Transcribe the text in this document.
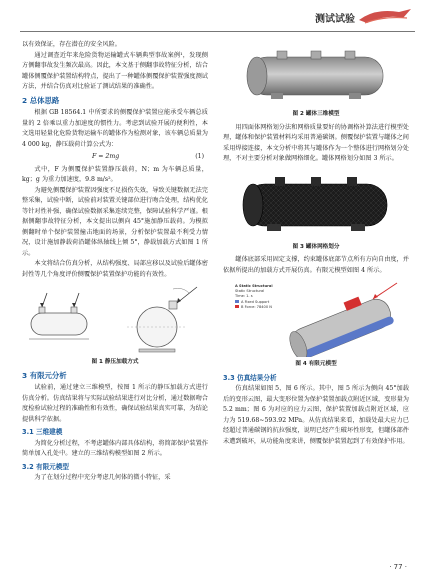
测试试验

以有效保证，存在潜在的安全风险。

通过调查近年来危险货物运输罐式车辆典型事故案例¹，发现侧方侧翻事故发生频次最高。因此，本文基于侧翻事故特征分析，结合罐体侧覆保护装置结构特点，提出了一种罐体侧覆保护装置强度测试方法，并结合仿真对比验证了测试结果的准确性。

2 总体思路

根据 GB 18564.1 中所要求的侧覆保护装置应能承受车辆总质量的 2 倍乘以重力加速度的惯性力。考虑到试验开展的便利性，本文选用轻量化危险货物运输车的罐体作为检测对象，该车辆总质量为 4 000 kg，静压载荷计算公式为：

F = 2mg	(1)

式中，F 为侧覆保护装置静压载荷，N；m 为车辆总质量，kg；g 为重力加速度，9.8 m/s²。

为避免侧覆保护装置因强度不足损伤失效，导致关键数据无法完整采集，试验中断，试验前对装置关键部位进行吻合处理，结构优化等针对性补强，确保试验数据采集连续完整，保障试验科学严谨。根据侧翻事故特征分析，本文提出以侧向 45°施加静压载荷。为模拟侧翻时单个保护装置撞击地面的场景，分析保护装置最不利受力情况，设计施加静载荷沿罐体纵轴线上倾 5°，静载加载方式如图 1 所示。

本文将结合仿真分析，从结构强度、局部应移以及试验后罐体密封性等几个角度评价侧覆保护装置保护功能的有效性。

图 1 静压加载方式
3 有限元分析

试验前，通过建立三维模型，按图 1 所示的静压加载方式进行仿真分析。仿真结果将与实际试验结果进行对比分析，通过数据吻合度检验试验过程的准确性和有效性，确保试验结果真实可靠，为结论提供科学依据。

3.1 三维建模

为简化分析过程，不考虑罐体内部具体结构，将简部保护装置作简单加入孔处中。建立的三维结构模型如图 2 所示。

3.2 有限元模型

为了在划分过程中充分考虑几何体的微小特征，采

图 2 罐体三维模型

用四面体网格划分法和网格质量要好的协调格补算法进行模型处理，罐体和保护装置材料均采用普通碳钢。侧覆保护装置与罐体之间采用焊接连接，本文分析中将其与罐体作为一个整体进行网格划分处理，不对主要分析对象做网格细化。罐体网格划分如图 3 所示。

图 3 罐体网格划分

罐体底部采用固定支撑，约束罐体底部节点所有方向自由度，并依据所提出的加载方式开展仿真。有限元模型如图 4 所示。

A Static Structural
Static Structural
Time: 1. s
A Fixed Support
B Force: 78400 N
图 4 有限元模型
3.3 仿真结果分析

仿真结果如图 5、图 6 所示。其中，图 5 所示为侧向 45°加载后的变形云图，最大变形位置为保护装置加载点附近区域，变形量为 5.2 mm；图 6 为对应的应力云图，保护装置加载点附近区域，应力为 519.68~593.92 MPa。从仿真结果来看，加载处最大应力已经超过普通碳钢的抗拉强度，说明已经产生破坏性形变，但罐体部件未遭到破坏，从功能角度来讲，侧覆保护装置起到了有效保护作用。

· 77 ·
